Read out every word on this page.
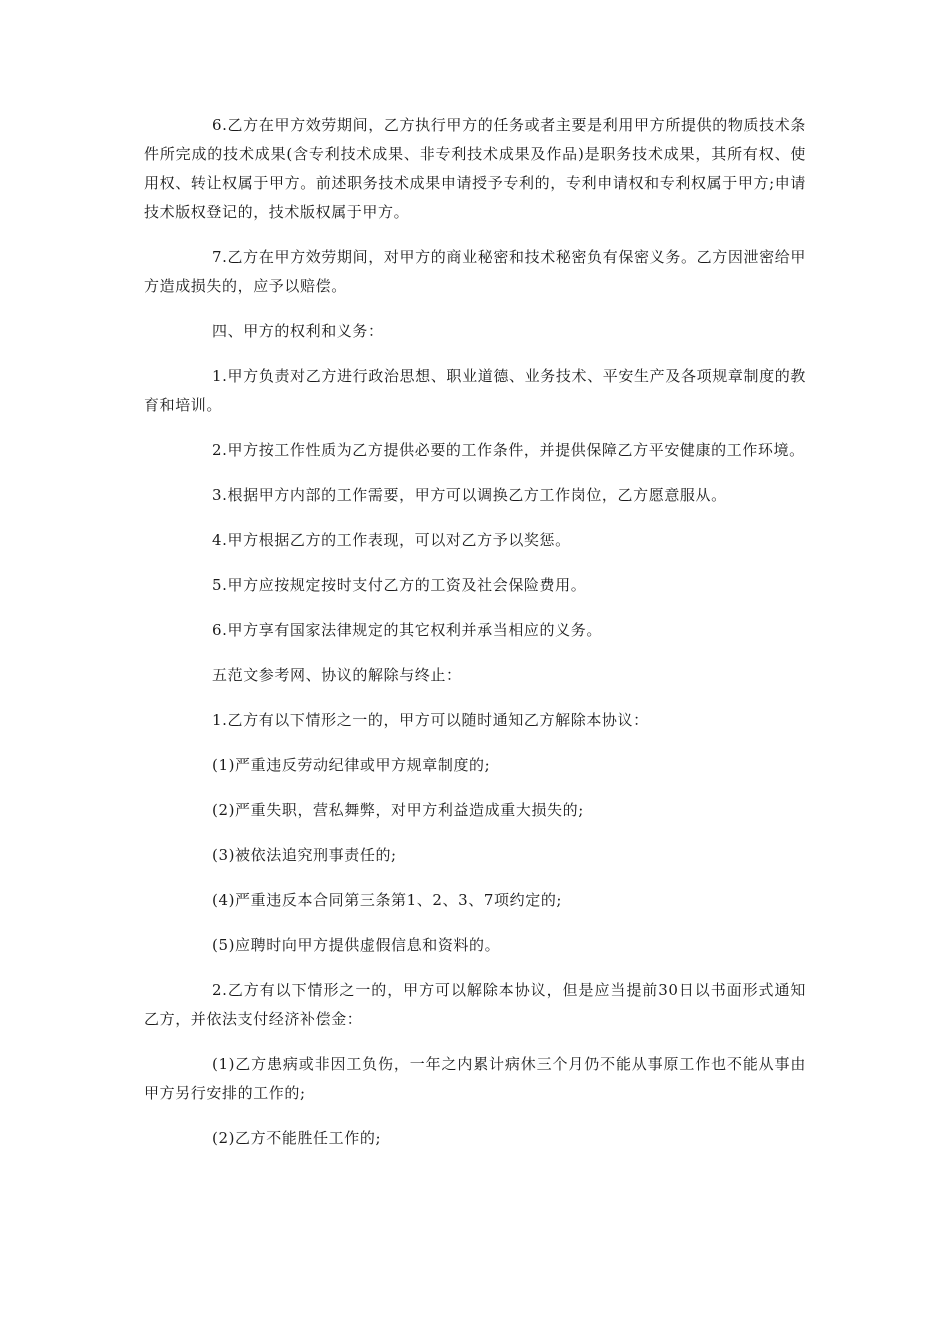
6.乙方在甲方效劳期间，乙方执行甲方的任务或者主要是利用甲方所提供的物质技术条件所完成的技术成果(含专利技术成果、非专利技术成果及作品)是职务技术成果，其所有权、使用权、转让权属于甲方。前述职务技术成果申请授予专利的，专利申请权和专利权属于甲方;申请技术版权登记的，技术版权属于甲方。

7.乙方在甲方效劳期间，对甲方的商业秘密和技术秘密负有保密义务。乙方因泄密给甲方造成损失的，应予以赔偿。

四、甲方的权利和义务：

1.甲方负责对乙方进行政治思想、职业道德、业务技术、平安生产及各项规章制度的教育和培训。

2.甲方按工作性质为乙方提供必要的工作条件，并提供保障乙方平安健康的工作环境。

3.根据甲方内部的工作需要，甲方可以调换乙方工作岗位，乙方愿意服从。

4.甲方根据乙方的工作表现，可以对乙方予以奖惩。

5.甲方应按规定按时支付乙方的工资及社会保险费用。

6.甲方享有国家法律规定的其它权利并承当相应的义务。

五范文参考网、协议的解除与终止：

1.乙方有以下情形之一的，甲方可以随时通知乙方解除本协议：

(1)严重违反劳动纪律或甲方规章制度的;

(2)严重失职，营私舞弊，对甲方利益造成重大损失的;

(3)被依法追究刑事责任的;

(4)严重违反本合同第三条第1、2、3、7项约定的;

(5)应聘时向甲方提供虚假信息和资料的。

2.乙方有以下情形之一的，甲方可以解除本协议，但是应当提前30日以书面形式通知乙方，并依法支付经济补偿金：

(1)乙方患病或非因工负伤，一年之内累计病休三个月仍不能从事原工作也不能从事由甲方另行安排的工作的;

(2)乙方不能胜任工作的;
